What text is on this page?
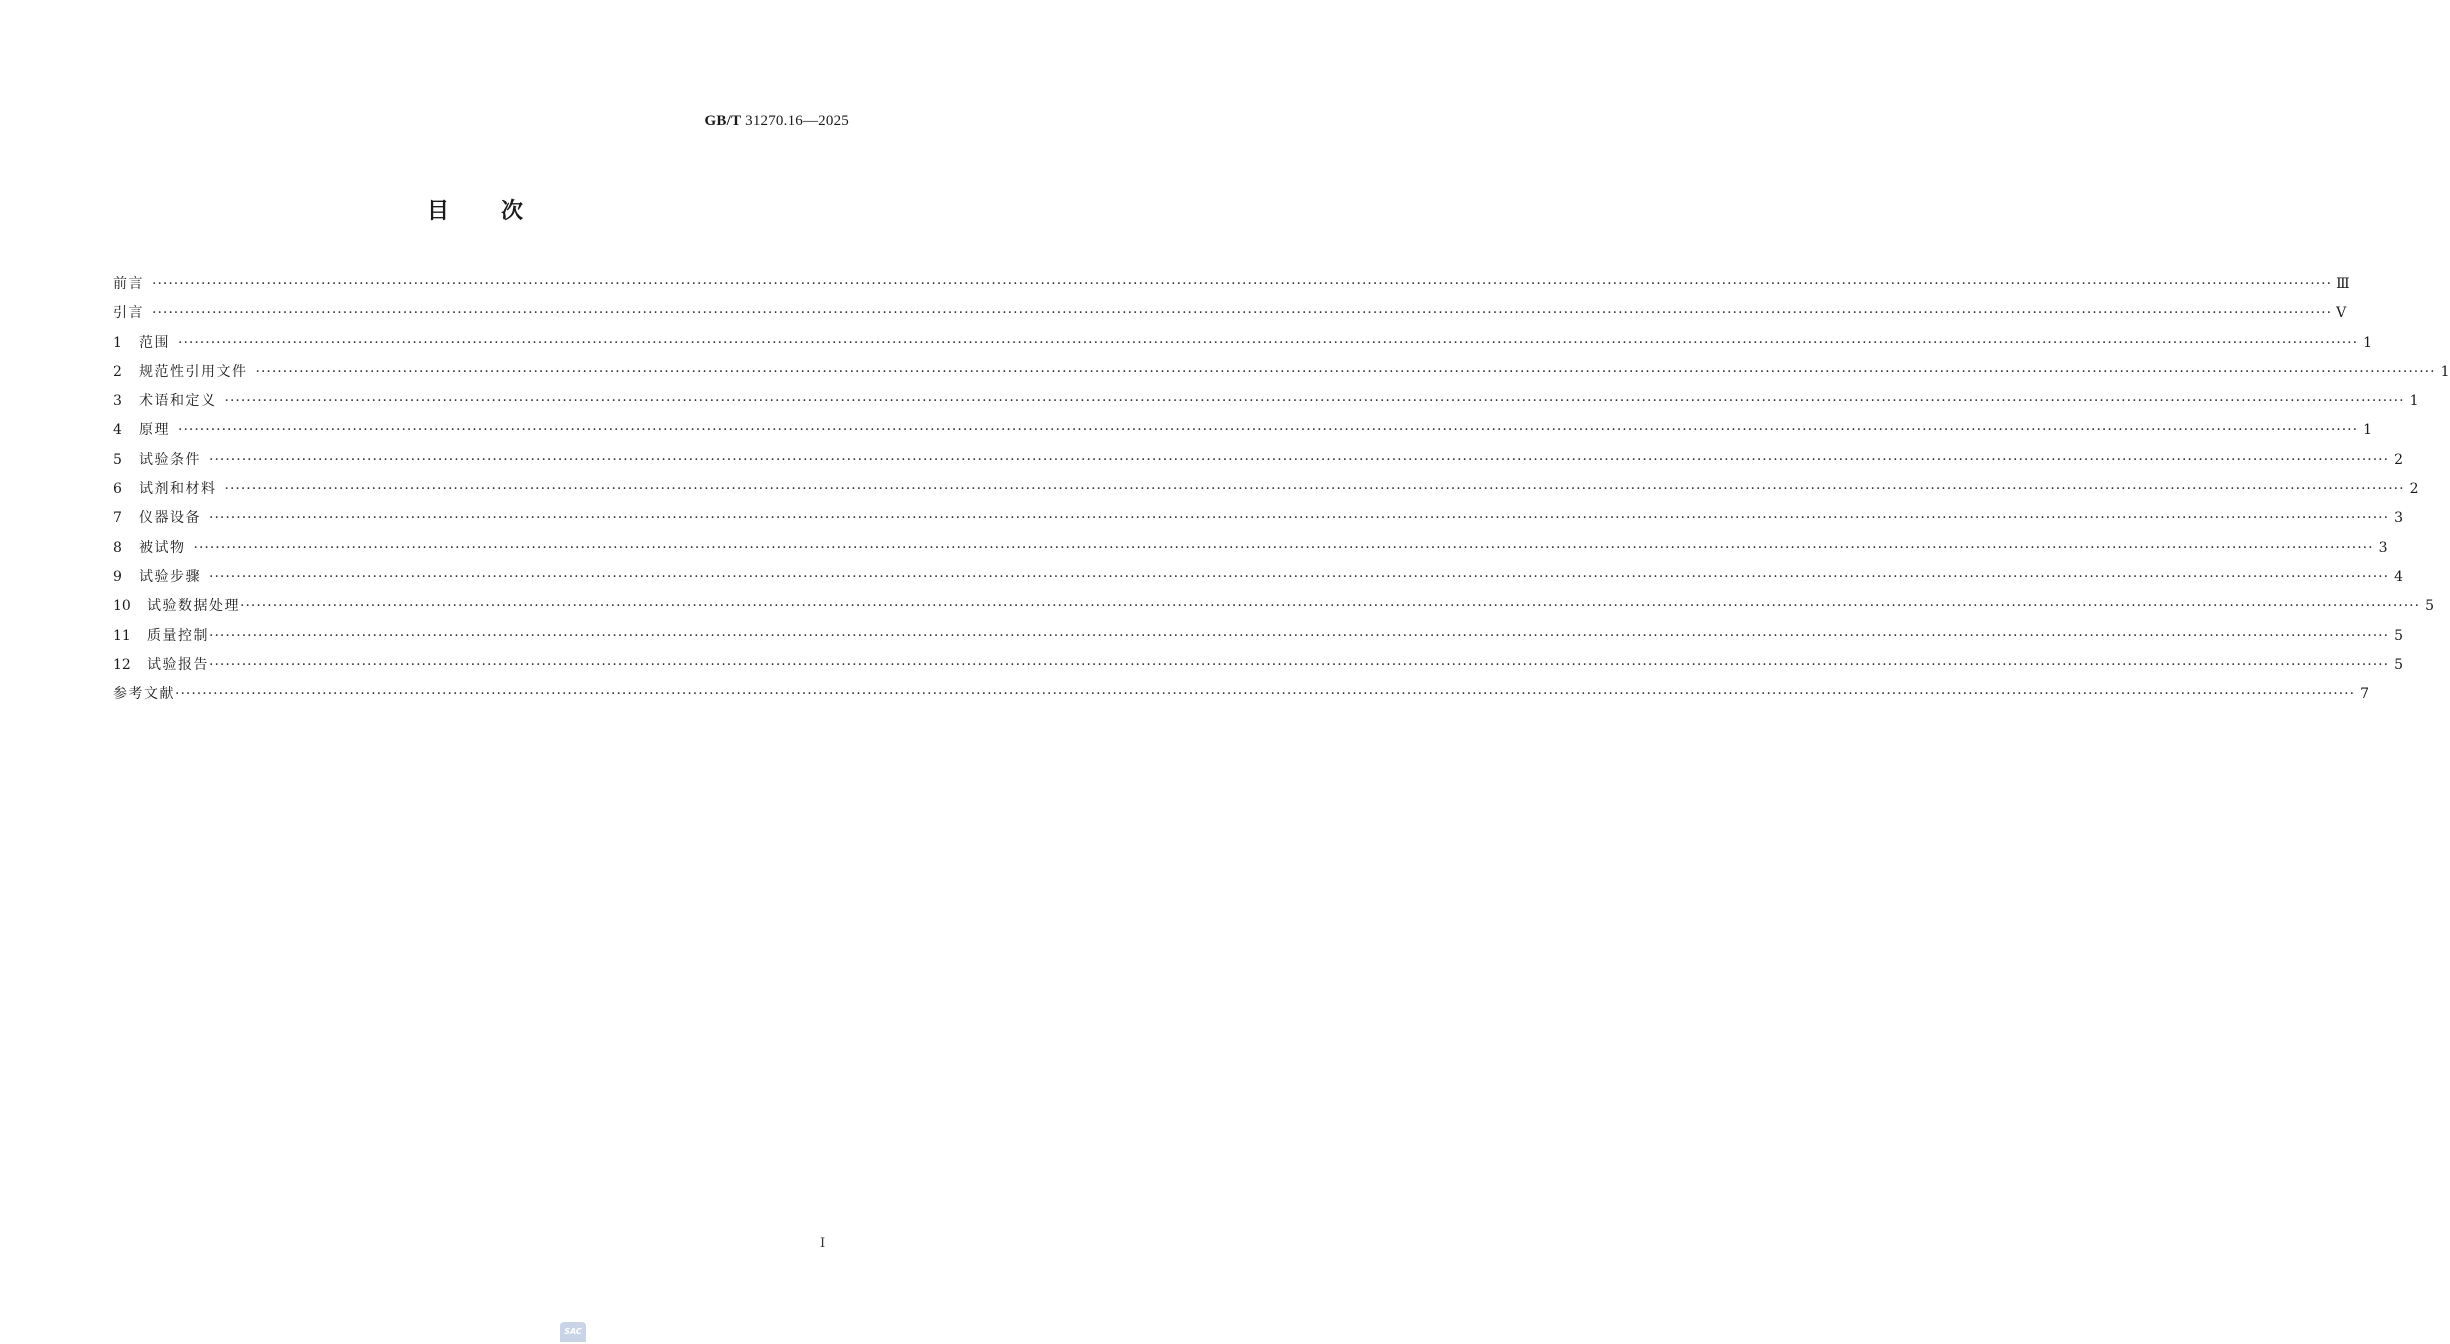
GB/T 31270.16—2025
目次
前言 ················································································································································································································································································································································································································ Ⅲ
引言 ················································································································································································································································································································································································································ Ⅴ
1	范围 ················································································································································································································································································································································································································ 1
2	规范性引用文件 ················································································································································································································································································································································································································ 1
3	术语和定义 ················································································································································································································································································································································································································ 1
4	原理 ················································································································································································································································································································································································································ 1
5	试验条件 ················································································································································································································································································································································································································ 2
6	试剂和材料 ················································································································································································································································································································································································································ 2
7	仪器设备 ················································································································································································································································································································································································································ 3
8	被试物 ················································································································································································································································································································································································································ 3
9	试验步骤 ················································································································································································································································································································································································································ 4
10	试验数据处理 ················································································································································································································································································································································································································ 5
11	质量控制 ················································································································································································································································································································································································································ 5
12	试验报告 ················································································································································································································································································································································································································ 5
参考文献 ················································································································································································································································································································································································································ 7
Ⅰ
SAC
